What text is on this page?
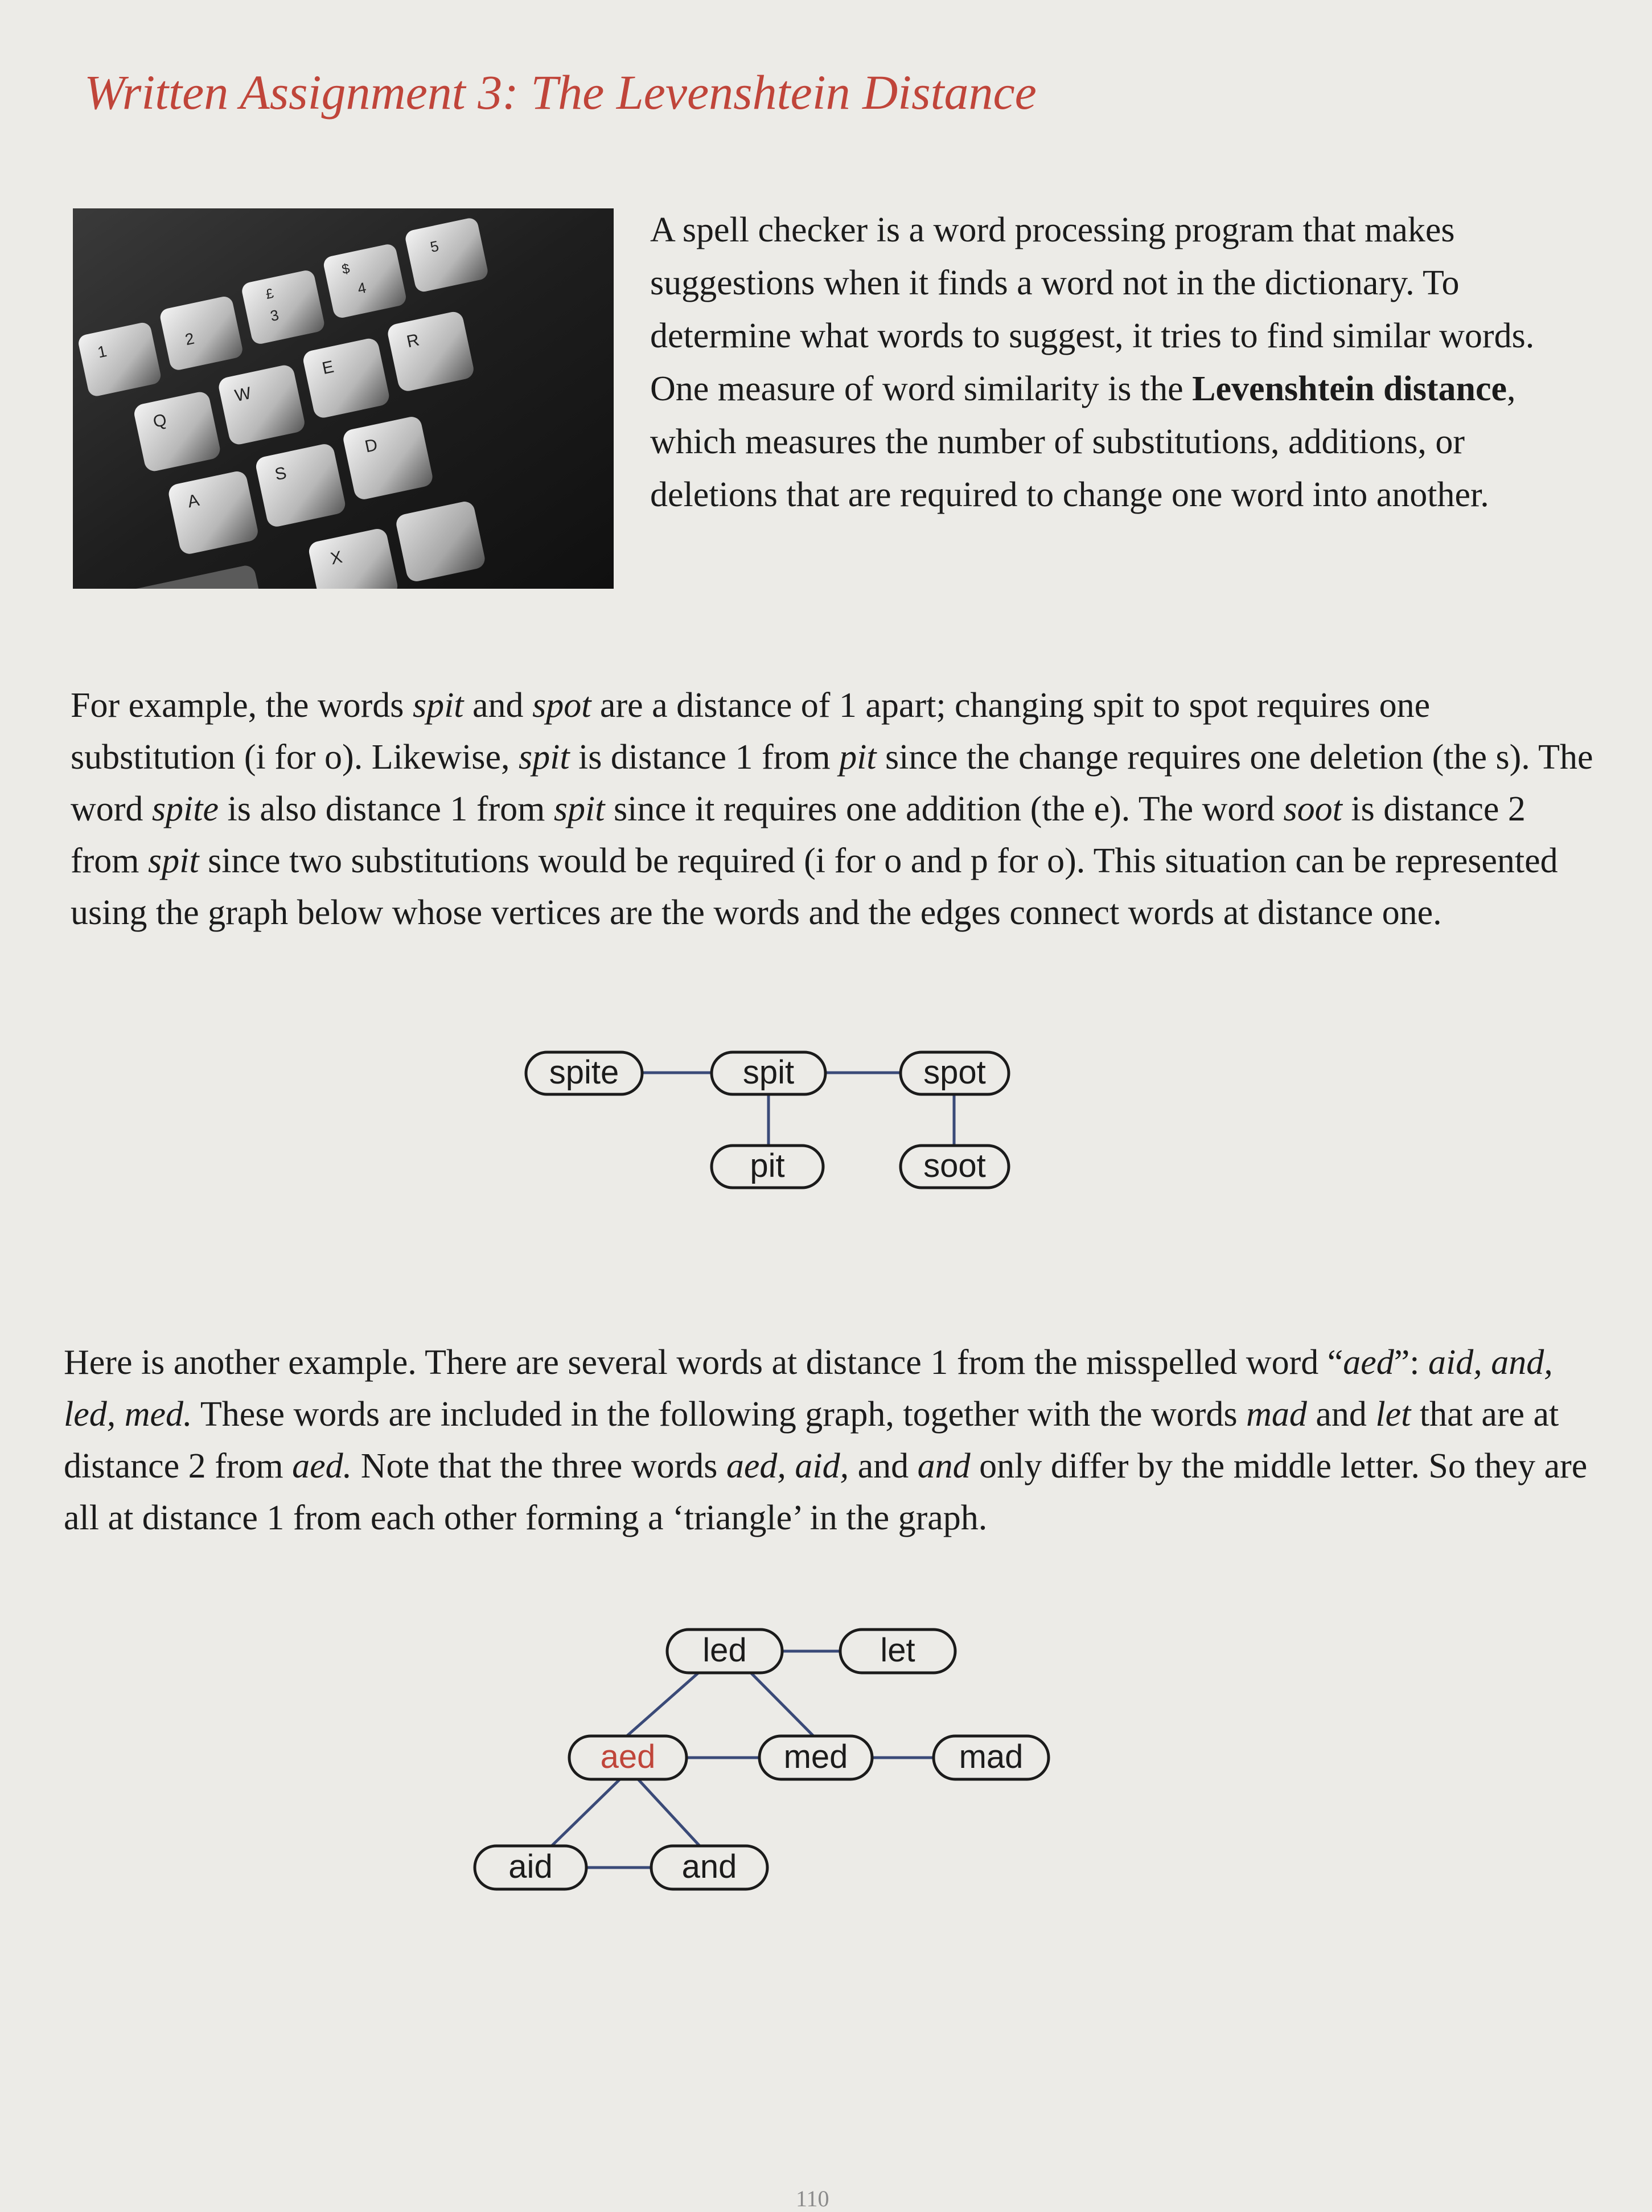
Written Assignment 3: The Levenshtein Distance
1
2
£
3
$
4
5
Q
W
E
R
A
S
D
X

A spell checker is a word processing program that makes suggestions when it finds a word not in the dictionary. To determine what words to suggest, it tries to find similar words. One measure of word similarity is the Levenshtein distance, which measures the number of substitutions, additions, or deletions that are required to change one word into another.

For example, the words spit and spot are a distance of 1 apart; changing spit to spot requires one substitution (i for o). Likewise, spit is distance 1 from pit since the change requires one deletion (the s). The word spite is also distance 1 from spit since it requires one addition (the e). The word soot is distance 2 from spit since two substitutions would be required (i for o and p for o). This situation can be represented using the graph below whose vertices are the words and the edges connect words at distance one.

Here is another example. There are several words at distance 1 from the misspelled word “aed”: aid, and, led, med. These words are included in the following graph, together with the words mad and let that are at distance 2 from aed. Note that the three words aed, aid, and and only differ by the middle letter. So they are all at distance 1 from each other forming a ‘triangle’ in the graph.

spite	spit	spot
pit	soot
led	let
aed	med	mad
aid	and
110
